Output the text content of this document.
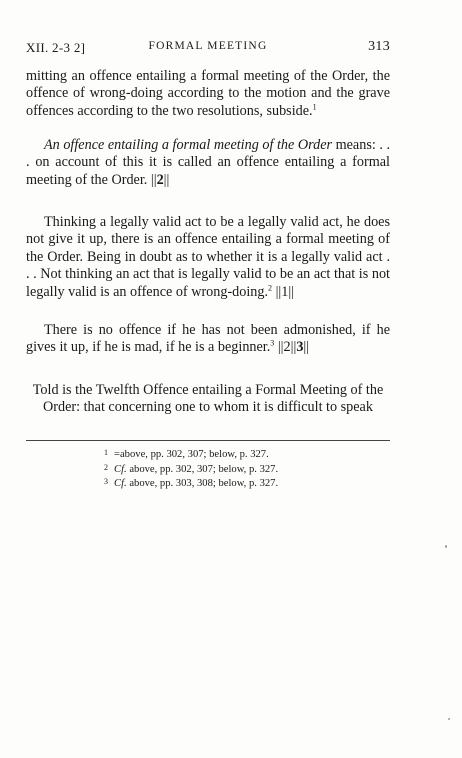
XII. 2-3 2]	FORMAL MEETING	313

mitting an offence entailing a formal meeting of the Order, the offence of wrong-doing according to the motion and the grave offences according to the two resolutions, subside.$^1$

An offence entailing a formal meeting of the Order means: . . . on account of this it is called an offence entailing a formal meeting of the Order. ||2||

Thinking a legally valid act to be a legally valid act, he does not give it up, there is an offence entailing a formal meeting of the Order. Being in doubt as to whether it is a legally valid act . . . Not thinking an act that is legally valid to be an act that is not legally valid is an offence of wrong-doing.$^2$ ||1||

There is no offence if he has not been admonished, if he gives it up, if he is mad, if he is a beginner.$^3$ ||2||3||

Told is the Twelfth Offence entailing a Formal Meeting of the Order: that concerning one to whom it is difficult to speak
1 =above, pp. 302, 307; below, p. 327.
2 Cf. above, pp. 302, 307; below, p. 327.
3 Cf. above, pp. 303, 308; below, p. 327.
